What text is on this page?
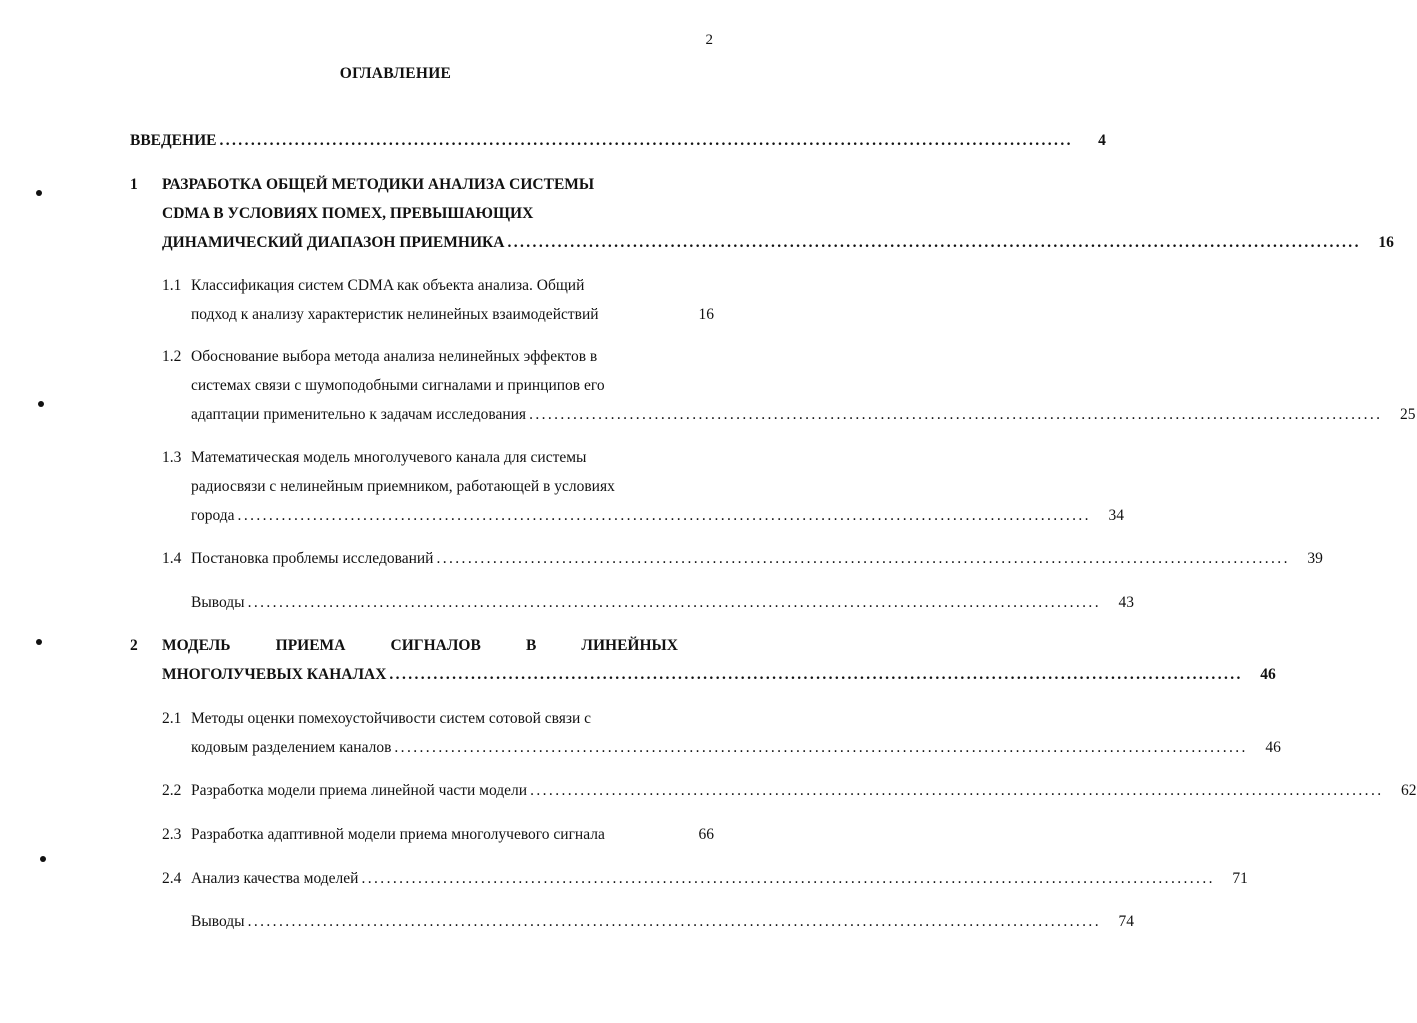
2
ОГЛАВЛЕНИЕ
ВВЕДЕНИЕ ........................................................................................................................................	4
1 РАЗРАБОТКА ОБЩЕЙ МЕТОДИКИ АНАЛИЗА СИСТЕМЫ
CDMA В УСЛОВИЯХ ПОМЕХ, ПРЕВЫШАЮЩИХ
ДИНАМИЧЕСКИЙ ДИАПАЗОН ПРИЕМНИКА ........................................................................................................................................	16
1.1 Классификация систем CDMA как объекта анализа. Общий
подход к анализу характеристик нелинейных взаимодействий	16
1.2 Обоснование выбора метода анализа нелинейных эффектов в
системах связи с шумоподобными сигналами и принципов его
адаптации применительно к задачам исследования ........................................................................................................................................	25
1.3 Математическая модель многолучевого канала для системы
радиосвязи с нелинейным приемником, работающей в условиях
города ........................................................................................................................................	34
1.4 Постановка проблемы исследований ........................................................................................................................................	39
Выводы ........................................................................................................................................	43
2 МОДЕЛЬ	ПРИЕМА	СИГНАЛОВ	В	ЛИНЕЙНЫХ
МНОГОЛУЧЕВЫХ КАНАЛАХ ........................................................................................................................................	46
2.1 Методы оценки помехоустойчивости систем сотовой связи с
кодовым разделением каналов ........................................................................................................................................	46
2.2 Разработка модели приема линейной части модели ........................................................................................................................................	62
2.3 Разработка адаптивной модели приема многолучевого сигнала	66
2.4 Анализ качества моделей ........................................................................................................................................	71
Выводы ........................................................................................................................................	74
